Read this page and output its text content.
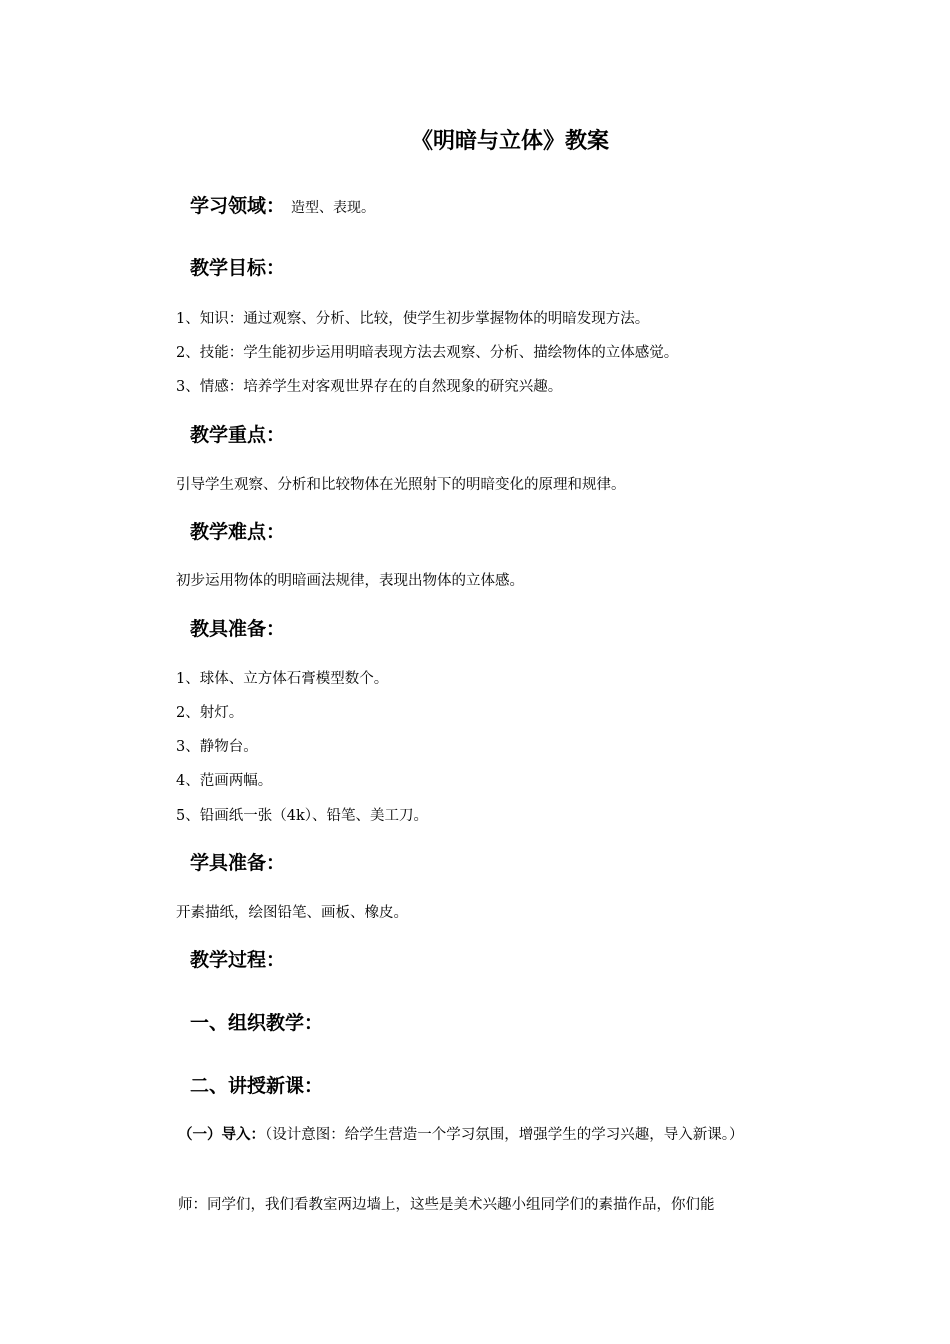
《明暗与立体》教案
学习领域： 造型、表现。
教学目标：
1、知识：通过观察、分析、比较，使学生初步掌握物体的明暗发现方法。
2、技能：学生能初步运用明暗表现方法去观察、分析、描绘物体的立体感觉。
3、情感：培养学生对客观世界存在的自然现象的研究兴趣。
教学重点：
引导学生观察、分析和比较物体在光照射下的明暗变化的原理和规律。
教学难点：
初步运用物体的明暗画法规律，表现出物体的立体感。
教具准备：
1、球体、立方体石膏模型数个。
2、射灯。
3、静物台。
4、范画两幅。
5、铅画纸一张（4k）、铅笔、美工刀。
学具准备：
开素描纸，绘图铅笔、画板、橡皮。
教学过程：
一、组织教学：
二、讲授新课：
（一）导入：（设计意图：给学生营造一个学习氛围，增强学生的学习兴趣，导入新课。）
师：同学们，我们看教室两边墙上，这些是美术兴趣小组同学们的素描作品，你们能
